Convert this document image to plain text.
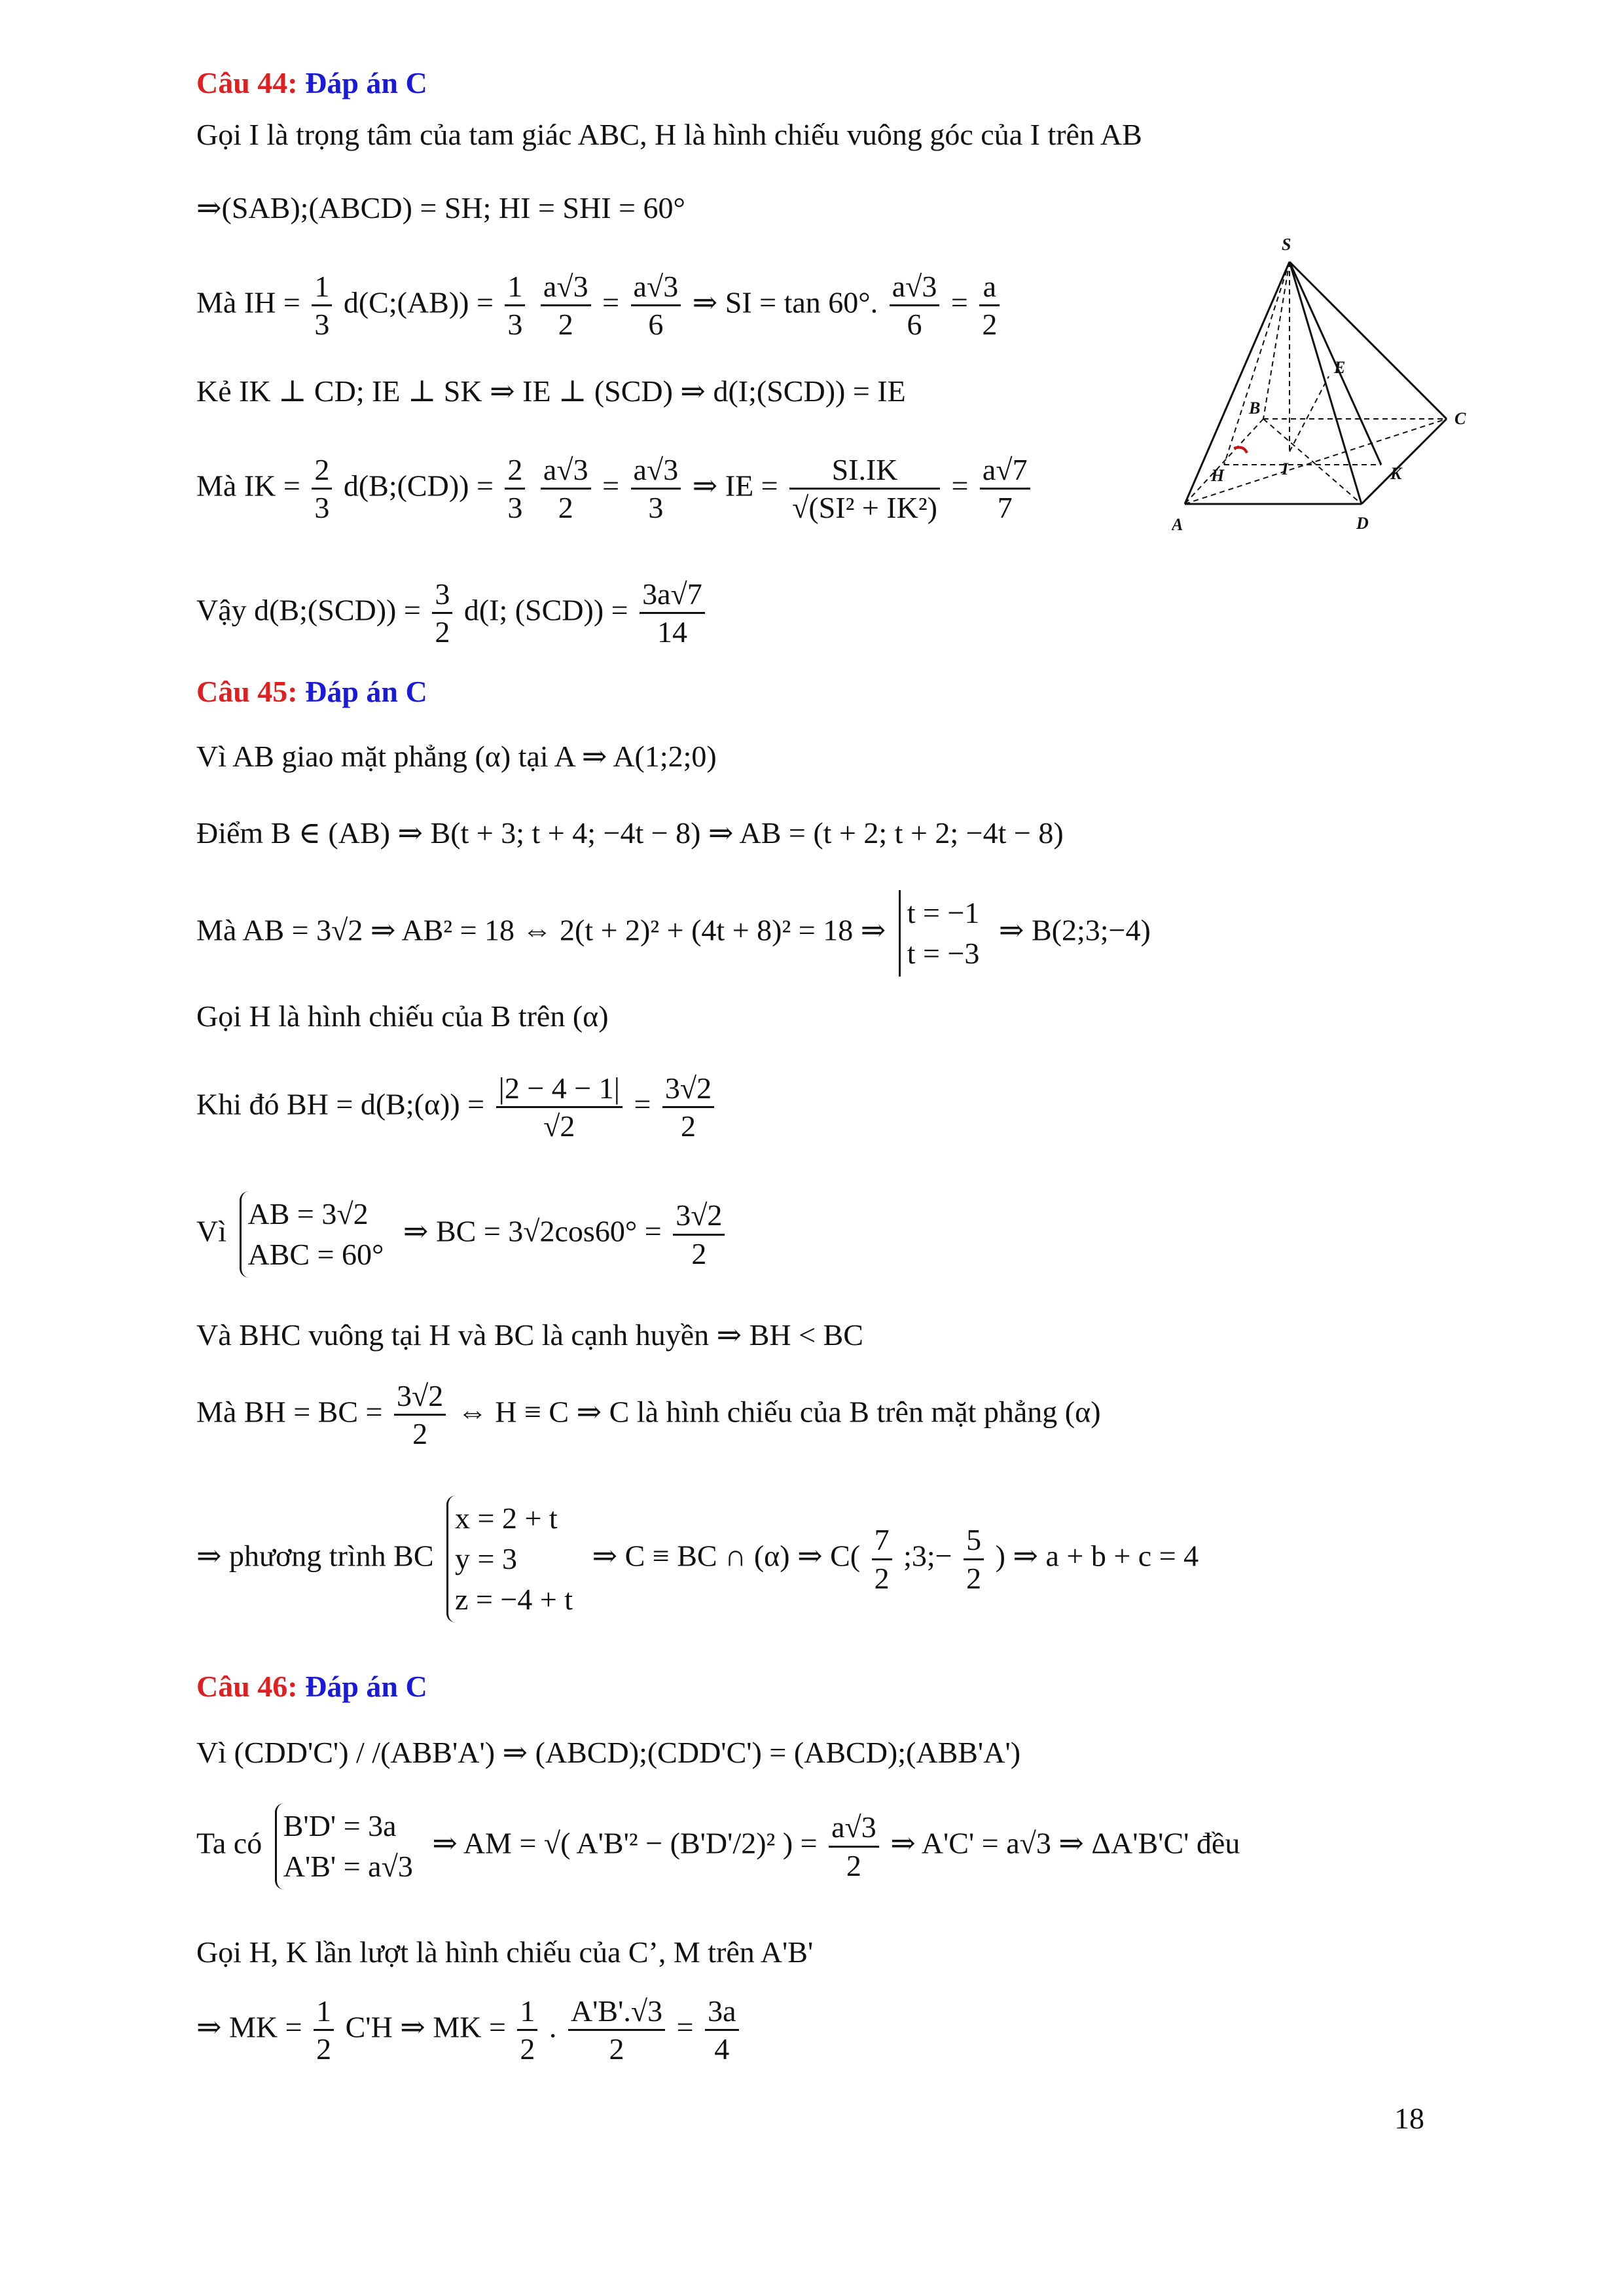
Câu 44: Đáp án C
Gọi I là trọng tâm của tam giác ABC, H là hình chiếu vuông góc của I trên AB
⇒(SAB);(ABCD) = SH; HI = SHI = 60°
Mà IH = $\frac{1}{3}$ d(C;(AB)) = $\frac{1}{3}$
$\frac{a√3}{2} = \frac{a√3}{6}$ ⇒ SI = tan 60°. $\frac{a√3}{6} = \frac{a}{2}$
Kẻ IK ⊥ CD; IE ⊥ SK ⇒ IE ⊥ (SCD) ⇒ d(I;(SCD)) = IE
Mà IK = $\frac{2}{3}$ d(B;(CD)) = $\frac{2}{3}$
$\frac{a√3}{2} = \frac{a√3}{3}$ ⇒ IE = $\frac{SI.IK}{\text{√(SI² + IK²)}} = \frac{a√7}{7}$
Vậy d(B;(SCD)) = $\frac{3}{2} d(I$; $(SCD)) = \frac{3a√7}{14}$
S
A
B
C
D
E
H	I	K
Câu 45: Đáp án C
Vì AB giao mặt phẳng (α) tại A ⇒ A(1;2;0)
Điểm B ∈ (AB) ⇒ B(t + 3; t + 4; −4t − 8) ⇒ AB = (t + 2; t + 2; −4t − 8)
Mà AB = 3√2 ⇒ AB² = 18 ⇔ 2(t + 2)² + (4t + 8)² = 18 ⇒
t = −1
t = −3
⇒ B(2;3;−4)
Gọi H là hình chiếu của B trên (α)
Khi đó BH = d(B;(α)) = $\frac{|2 - 4 - 1|}{√2} = \frac{3√2}{2}$
Vì
AB = 3√2
ABC = 60°
⇒ BC = $3√2\cos 60^\circ = \frac{3√2}{2}$
Và BHC vuông tại H và BC là cạnh huyền ⇒ BH < BC
Mà BH = BC = $\frac{3√2}{2}$ ⇔ H ≡ C ⇒ C là hình chiếu của B trên mặt phẳng (α)
⇒ phương trình BC
x = 2 + t
y = 3
z = −4 + t
⇒ C ≡ BC ∩ (α) ⇒ $C( \frac{7}{2}$ ;3;− $\frac{5}{2}$ ) ⇒ a + b + c = 4
Câu 46: Đáp án C
Vì (CDD'C') / /(ABB'A') ⇒ (ABCD);(CDD'C') = (ABCD);(ABB'A')
Ta có
B'D' = 3a
A'B' = a√3
⇒ AM = √( A'B'² − (B'D'/2)² ) = $\frac{a√3}{2}$ ⇒ A'C' = a√3 ⇒ ΔA'B'C' đều
Gọi H, K lần lượt là hình chiếu của C’, M trên A'B'
⇒ MK = $\frac{1}{2} C'H$ ⇒ MK = $\frac{1}{2}$ . $\frac{A'B'.√3}{2} = \frac{3a}{4}$
18
